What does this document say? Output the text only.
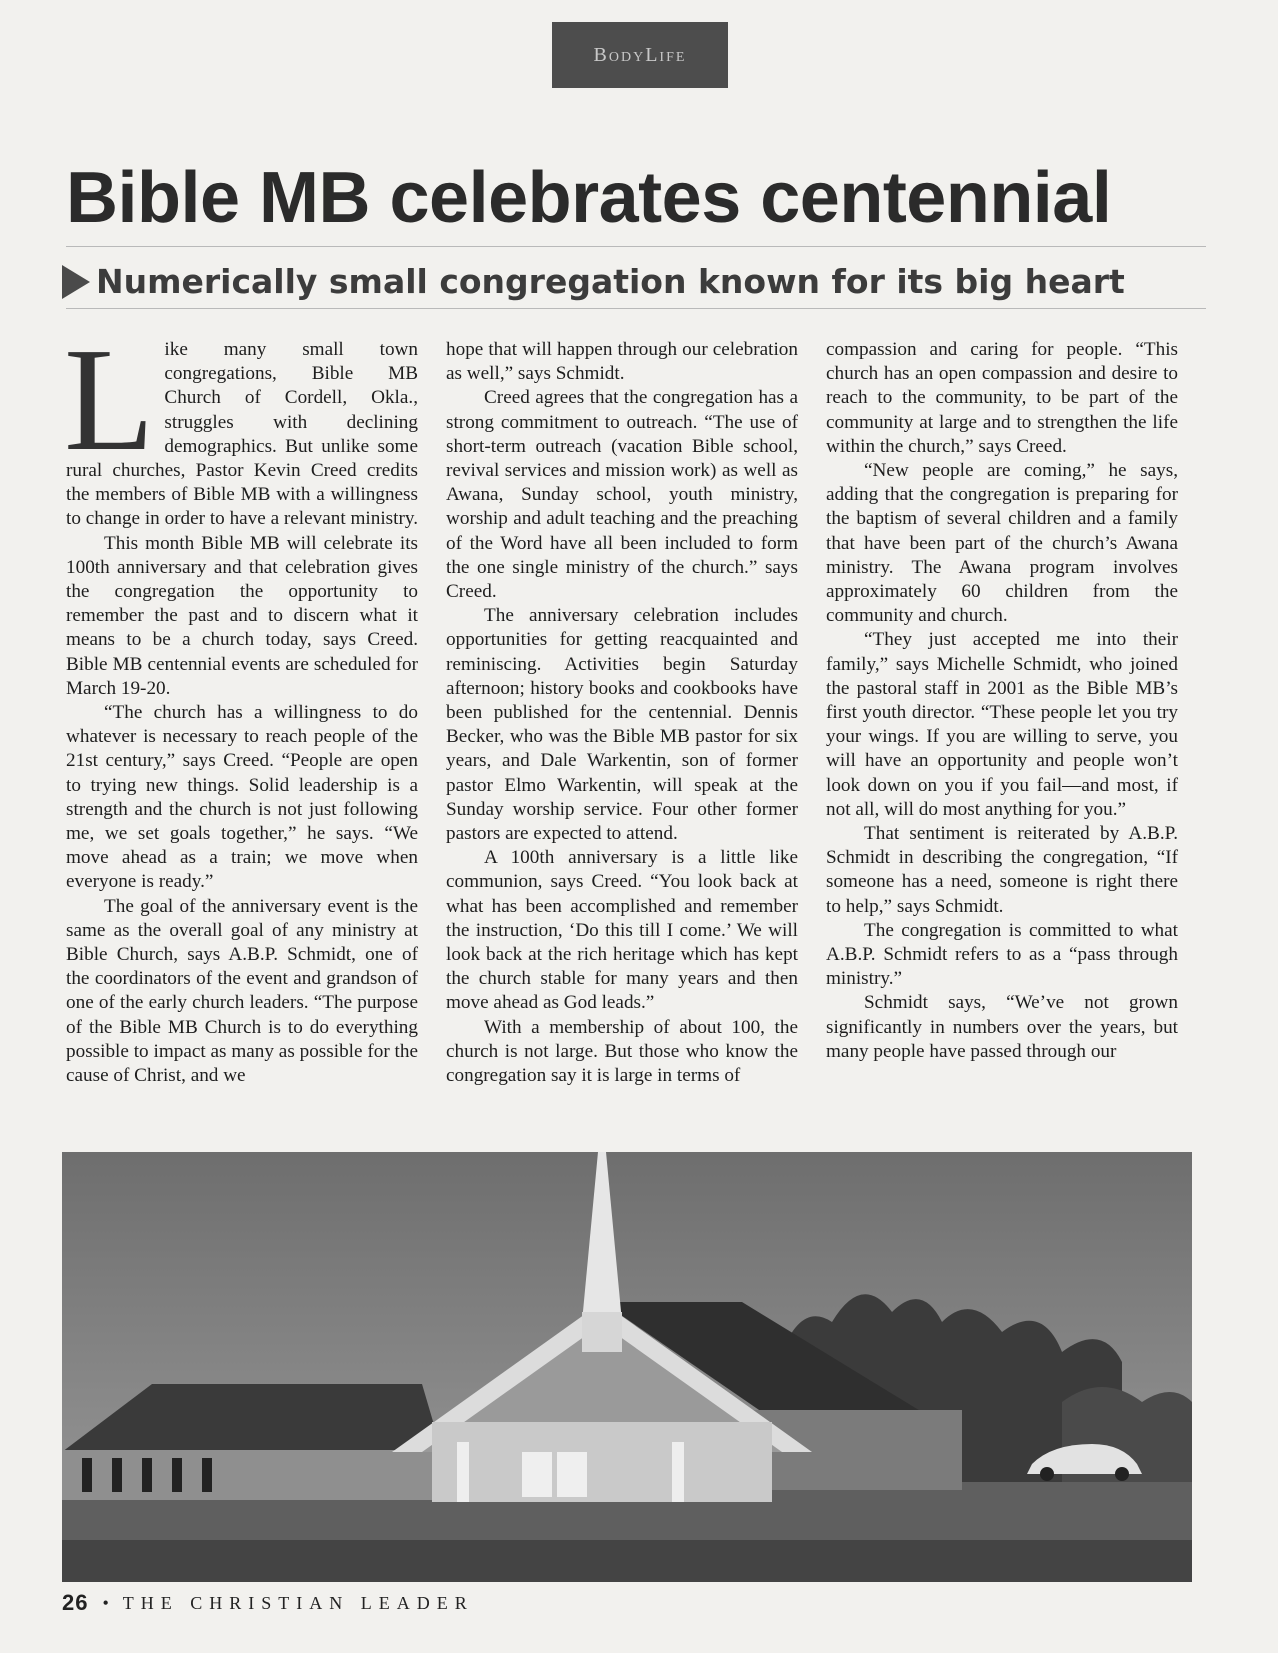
BodyLife
Bible MB celebrates centennial
Numerically small congregation known for its big heart
L ike many small town congregations, Bible MB Church of Cordell, Okla., struggles with declining demographics. But unlike some rural churches, Pastor Kevin Creed credits the members of Bible MB with a willingness to change in order to have a relevant ministry.

This month Bible MB will celebrate its 100th anniversary and that celebration gives the congregation the opportunity to remember the past and to discern what it means to be a church today, says Creed. Bible MB centennial events are scheduled for March 19-20.

“The church has a willingness to do whatever is necessary to reach people of the 21st century,” says Creed. “People are open to trying new things. Solid leadership is a strength and the church is not just following me, we set goals together,” he says. “We move ahead as a train; we move when everyone is ready.”

The goal of the anniversary event is the same as the overall goal of any ministry at Bible Church, says A.B.P. Schmidt, one of the coordinators of the event and grandson of one of the early church leaders. “The purpose of the Bible MB Church is to do everything possible to impact as many as possible for the cause of Christ, and we

hope that will happen through our celebration as well,” says Schmidt.

Creed agrees that the congregation has a strong commitment to outreach. “The use of short-term outreach (vacation Bible school, revival services and mission work) as well as Awana, Sunday school, youth ministry, worship and adult teaching and the preaching of the Word have all been included to form the one single ministry of the church.” says Creed.

The anniversary celebration includes opportunities for getting reacquainted and reminiscing. Activities begin Saturday afternoon; history books and cookbooks have been published for the centennial. Dennis Becker, who was the Bible MB pastor for six years, and Dale Warkentin, son of former pastor Elmo Warkentin, will speak at the Sunday worship service. Four other former pastors are expected to attend.

A 100th anniversary is a little like communion, says Creed. “You look back at what has been accomplished and remember the instruction, ‘Do this till I come.’ We will look back at the rich heritage which has kept the church stable for many years and then move ahead as God leads.”

With a membership of about 100, the church is not large. But those who know the congregation say it is large in terms of

compassion and caring for people. “This church has an open compassion and desire to reach to the community, to be part of the community at large and to strengthen the life within the church,” says Creed.

“New people are coming,” he says, adding that the congregation is preparing for the baptism of several children and a family that have been part of the church’s Awana ministry. The Awana program involves approximately 60 children from the community and church.

“They just accepted me into their family,” says Michelle Schmidt, who joined the pastoral staff in 2001 as the Bible MB’s first youth director. “These people let you try your wings. If you are willing to serve, you will have an opportunity and people won’t look down on you if you fail—and most, if not all, will do most anything for you.”

That sentiment is reiterated by A.B.P. Schmidt in describing the congregation, “If someone has a need, someone is right there to help,” says Schmidt.

The congregation is committed to what A.B.P. Schmidt refers to as a “pass through ministry.”

Schmidt says, “We’ve not grown significantly in numbers over the years, but many people have passed through our

26 • THE CHRISTIAN LEADER
